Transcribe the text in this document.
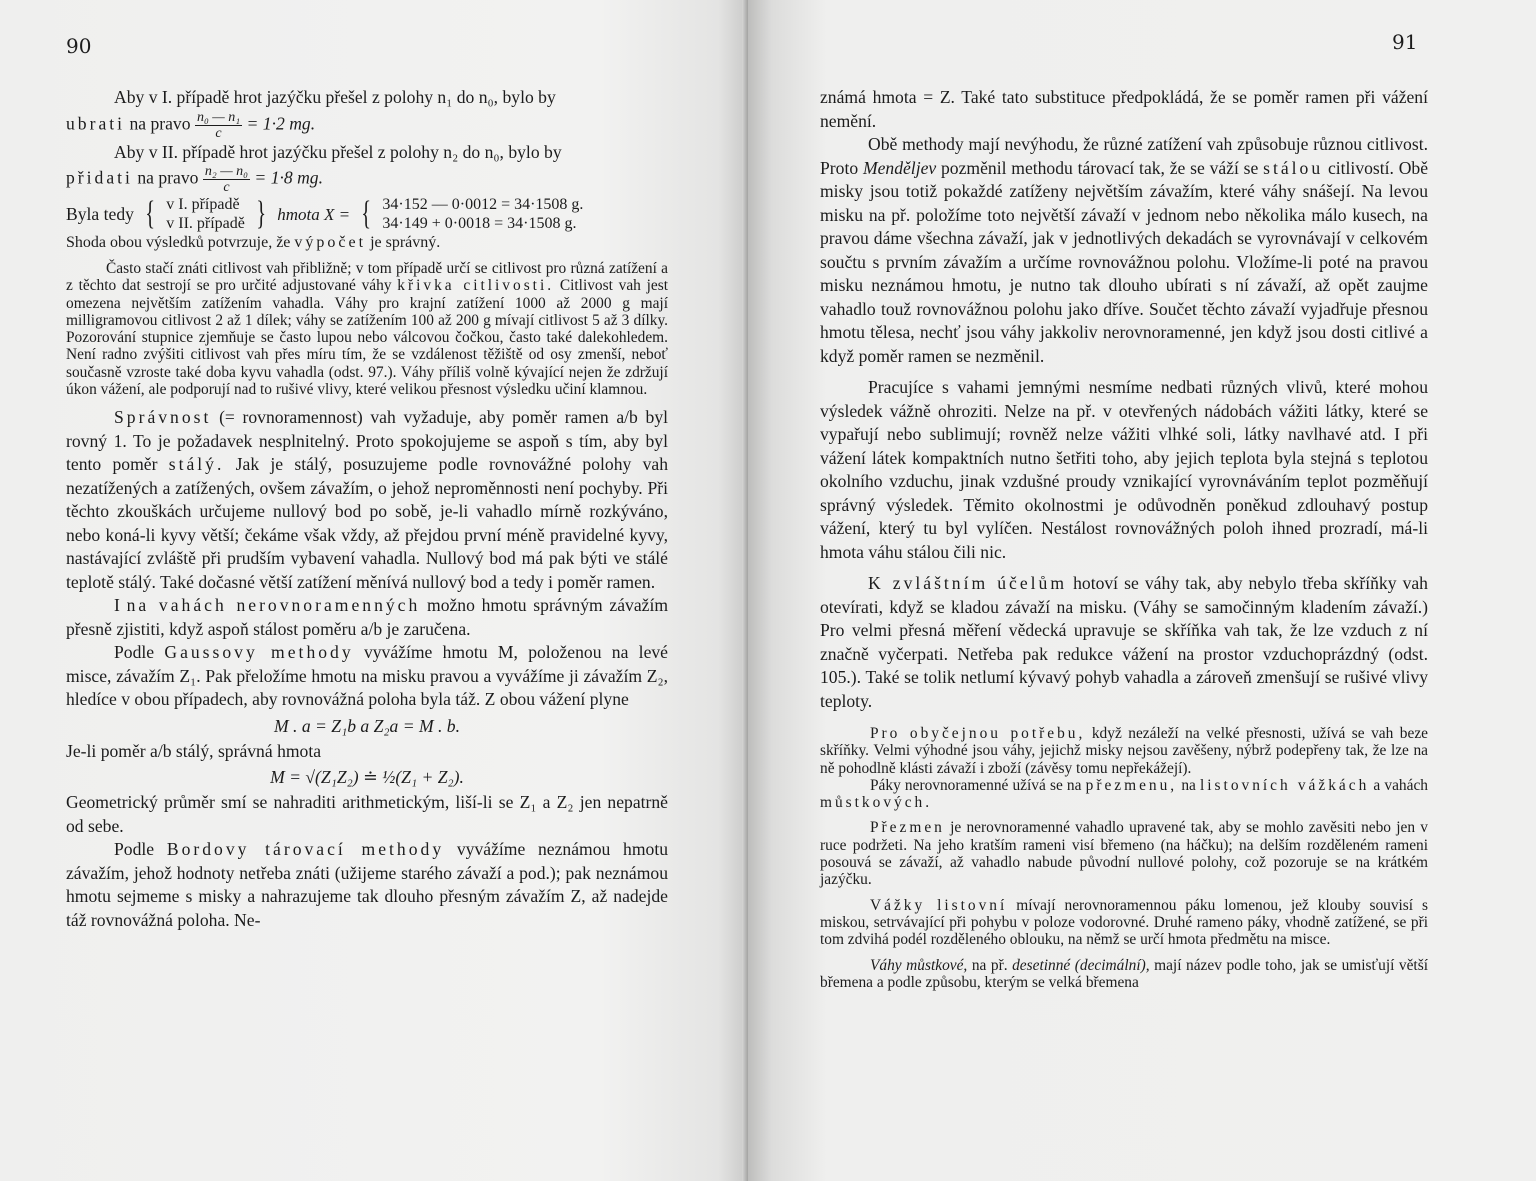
90

Aby v I. případě hrot jazýčku přešel z polohy n₁ do n₀, bylo by

ubrati na pravo $\frac{\text{n₀ — n₁}}{c} = 1\cdot 2$ mg.

Aby v II. případě hrot jazýčku přešel z polohy n₂ do n₀, bylo by

přidati na pravo $\frac{\text{n₂ — n₀}}{c} = 1\cdot 8$ mg.

Byla tedy { v I. případě
v II. případě } hmota X = { 34·152 — 0·0012 = 34·1508 g.
34·149 + 0·0018 = 34·1508 g.

Shoda obou výsledků potvrzuje, že výpočet je správný.

Často stačí znáti citlivost vah přibližně; v tom případě určí se citlivost pro různá zatížení a z těchto dat sestrojí se pro určité adjustované váhy křivka citlivosti. Citlivost vah jest omezena největším zatížením vahadla. Váhy pro krajní zatížení 1000 až 2000 g mají milligramovou citlivost 2 až 1 dílek; váhy se zatížením 100 až 200 g mívají citlivost 5 až 3 dílky. Pozorování stupnice zjemňuje se často lupou nebo válcovou čočkou, často také dalekohledem. Není radno zvýšiti citlivost vah přes míru tím, že se vzdálenost těžiště od osy zmenší, neboť současně vzroste také doba kyvu vahadla (odst. 97.). Váhy příliš volně kývající nejen že zdržují úkon vážení, ale podporují nad to rušivé vlivy, které velikou přesnost výsledku učiní klamnou.

Správnost (= rovnoramennost) vah vyžaduje, aby poměr ramen a/b byl rovný 1. To je požadavek nesplnitelný. Proto spokojujeme se aspoň s tím, aby byl tento poměr stálý. Jak je stálý, posuzujeme podle rovnovážné polohy vah nezatížených a zatížených, ovšem závažím, o jehož neproměnnosti není pochyby. Při těchto zkouškách určujeme nullový bod po sobě, je-li vahadlo mírně rozkýváno, nebo koná-li kyvy větší; čekáme však vždy, až přejdou první méně pravidelné kyvy, nastávající zvláště při prudším vybavení vahadla. Nullový bod má pak býti ve stálé teplotě stálý. Také dočasné větší zatížení měnívá nullový bod a tedy i poměr ramen.

I na vahách nerovnoramenných možno hmotu správným závažím přesně zjistiti, když aspoň stálost poměru a/b je zaručena.

Podle Gaussovy methody vyvážíme hmotu M, položenou na levé misce, závažím Z₁. Pak přeložíme hmotu na misku pravou a vyvážíme ji závažím Z₂, hledíce v obou případech, aby rovnovážná poloha byla táž. Z obou vážení plyne

M . a = Z₁b a Z₂a = M . b.

Je-li poměr a/b stálý, správná hmota

M = √(Z₁Z₂) ≐ ½(Z₁ + Z₂).

Geometrický průměr smí se nahraditi arithmetickým, liší-li se Z₁ a Z₂ jen nepatrně od sebe.

Podle Bordovy tárovací methody vyvážíme neznámou hmotu závažím, jehož hodnoty netřeba znáti (užijeme starého závaží a pod.); pak neznámou hmotu sejmeme s misky a nahrazujeme tak dlouho přesným závažím Z, až nadejde táž rovnovážná poloha. Ne-

91

známá hmota = Z. Také tato substituce předpokládá, že se poměr ramen při vážení nemění.

Obě methody mají nevýhodu, že různé zatížení vah způsobuje různou citlivost. Proto Menděljev pozměnil methodu tárovací tak, že se váží se stálou citlivostí. Obě misky jsou totiž pokaždé zatíženy největším závažím, které váhy snášejí. Na levou misku na př. položíme toto největší závaží v jednom nebo několika málo kusech, na pravou dáme všechna závaží, jak v jednotlivých dekadách se vyrovnávají v celkovém součtu s prvním závažím a určíme rovnovážnou polohu. Vložíme-li poté na pravou misku neznámou hmotu, je nutno tak dlouho ubírati s ní závaží, až opět zaujme vahadlo touž rovnovážnou polohu jako dříve. Součet těchto závaží vyjadřuje přesnou hmotu tělesa, nechť jsou váhy jakkoliv nerovnoramenné, jen když jsou dosti citlivé a když poměr ramen se nezměnil.

Pracujíce s vahami jemnými nesmíme nedbati různých vlivů, které mohou výsledek vážně ohroziti. Nelze na př. v otevřených nádobách vážiti látky, které se vypařují nebo sublimují; rovněž nelze vážiti vlhké soli, látky navlhavé atd. I při vážení látek kompaktních nutno šetřiti toho, aby jejich teplota byla stejná s teplotou okolního vzduchu, jinak vzdušné proudy vznikající vyrovnáváním teplot pozměňují správný výsledek. Těmito okolnostmi je odůvodněn poněkud zdlouhavý postup vážení, který tu byl vylíčen. Nestálost rovnovážných poloh ihned prozradí, má-li hmota váhu stálou čili nic.

K zvláštním účelům hotoví se váhy tak, aby nebylo třeba skříňky vah otevírati, když se kladou závaží na misku. (Váhy se samočinným kladením závaží.) Pro velmi přesná měření vědecká upravuje se skříňka vah tak, že lze vzduch z ní značně vyčerpati. Netřeba pak redukce vážení na prostor vzduchoprázdný (odst. 105.). Také se tolik netlumí kývavý pohyb vahadla a zároveň zmenšují se rušivé vlivy teploty.

Pro obyčejnou potřebu, když nezáleží na velké přesnosti, užívá se vah beze skříňky. Velmi výhodné jsou váhy, jejichž misky nejsou zavěšeny, nýbrž podepřeny tak, že lze na ně pohodlně klásti závaží i zboží (závěsy tomu nepřekážejí).

Páky nerovnoramenné užívá se na přezmenu, na listovních vážkách a vahách můstkových.

Přezmen je nerovnoramenné vahadlo upravené tak, aby se mohlo zavěsiti nebo jen v ruce podržeti. Na jeho kratším rameni visí břemeno (na háčku); na delším rozděleném rameni posouvá se závaží, až vahadlo nabude původní nullové polohy, což pozoruje se na krátkém jazýčku.

Vážky listovní mívají nerovnoramennou páku lomenou, jež klouby souvisí s miskou, setrvávající při pohybu v poloze vodorovné. Druhé rameno páky, vhodně zatížené, se při tom zdvihá podél rozděleného oblouku, na němž se určí hmota předmětu na misce.

Váhy můstkové, na př. desetinné (decimální), mají název podle toho, jak se umisťují větší břemena a podle způsobu, kterým se velká břemena
